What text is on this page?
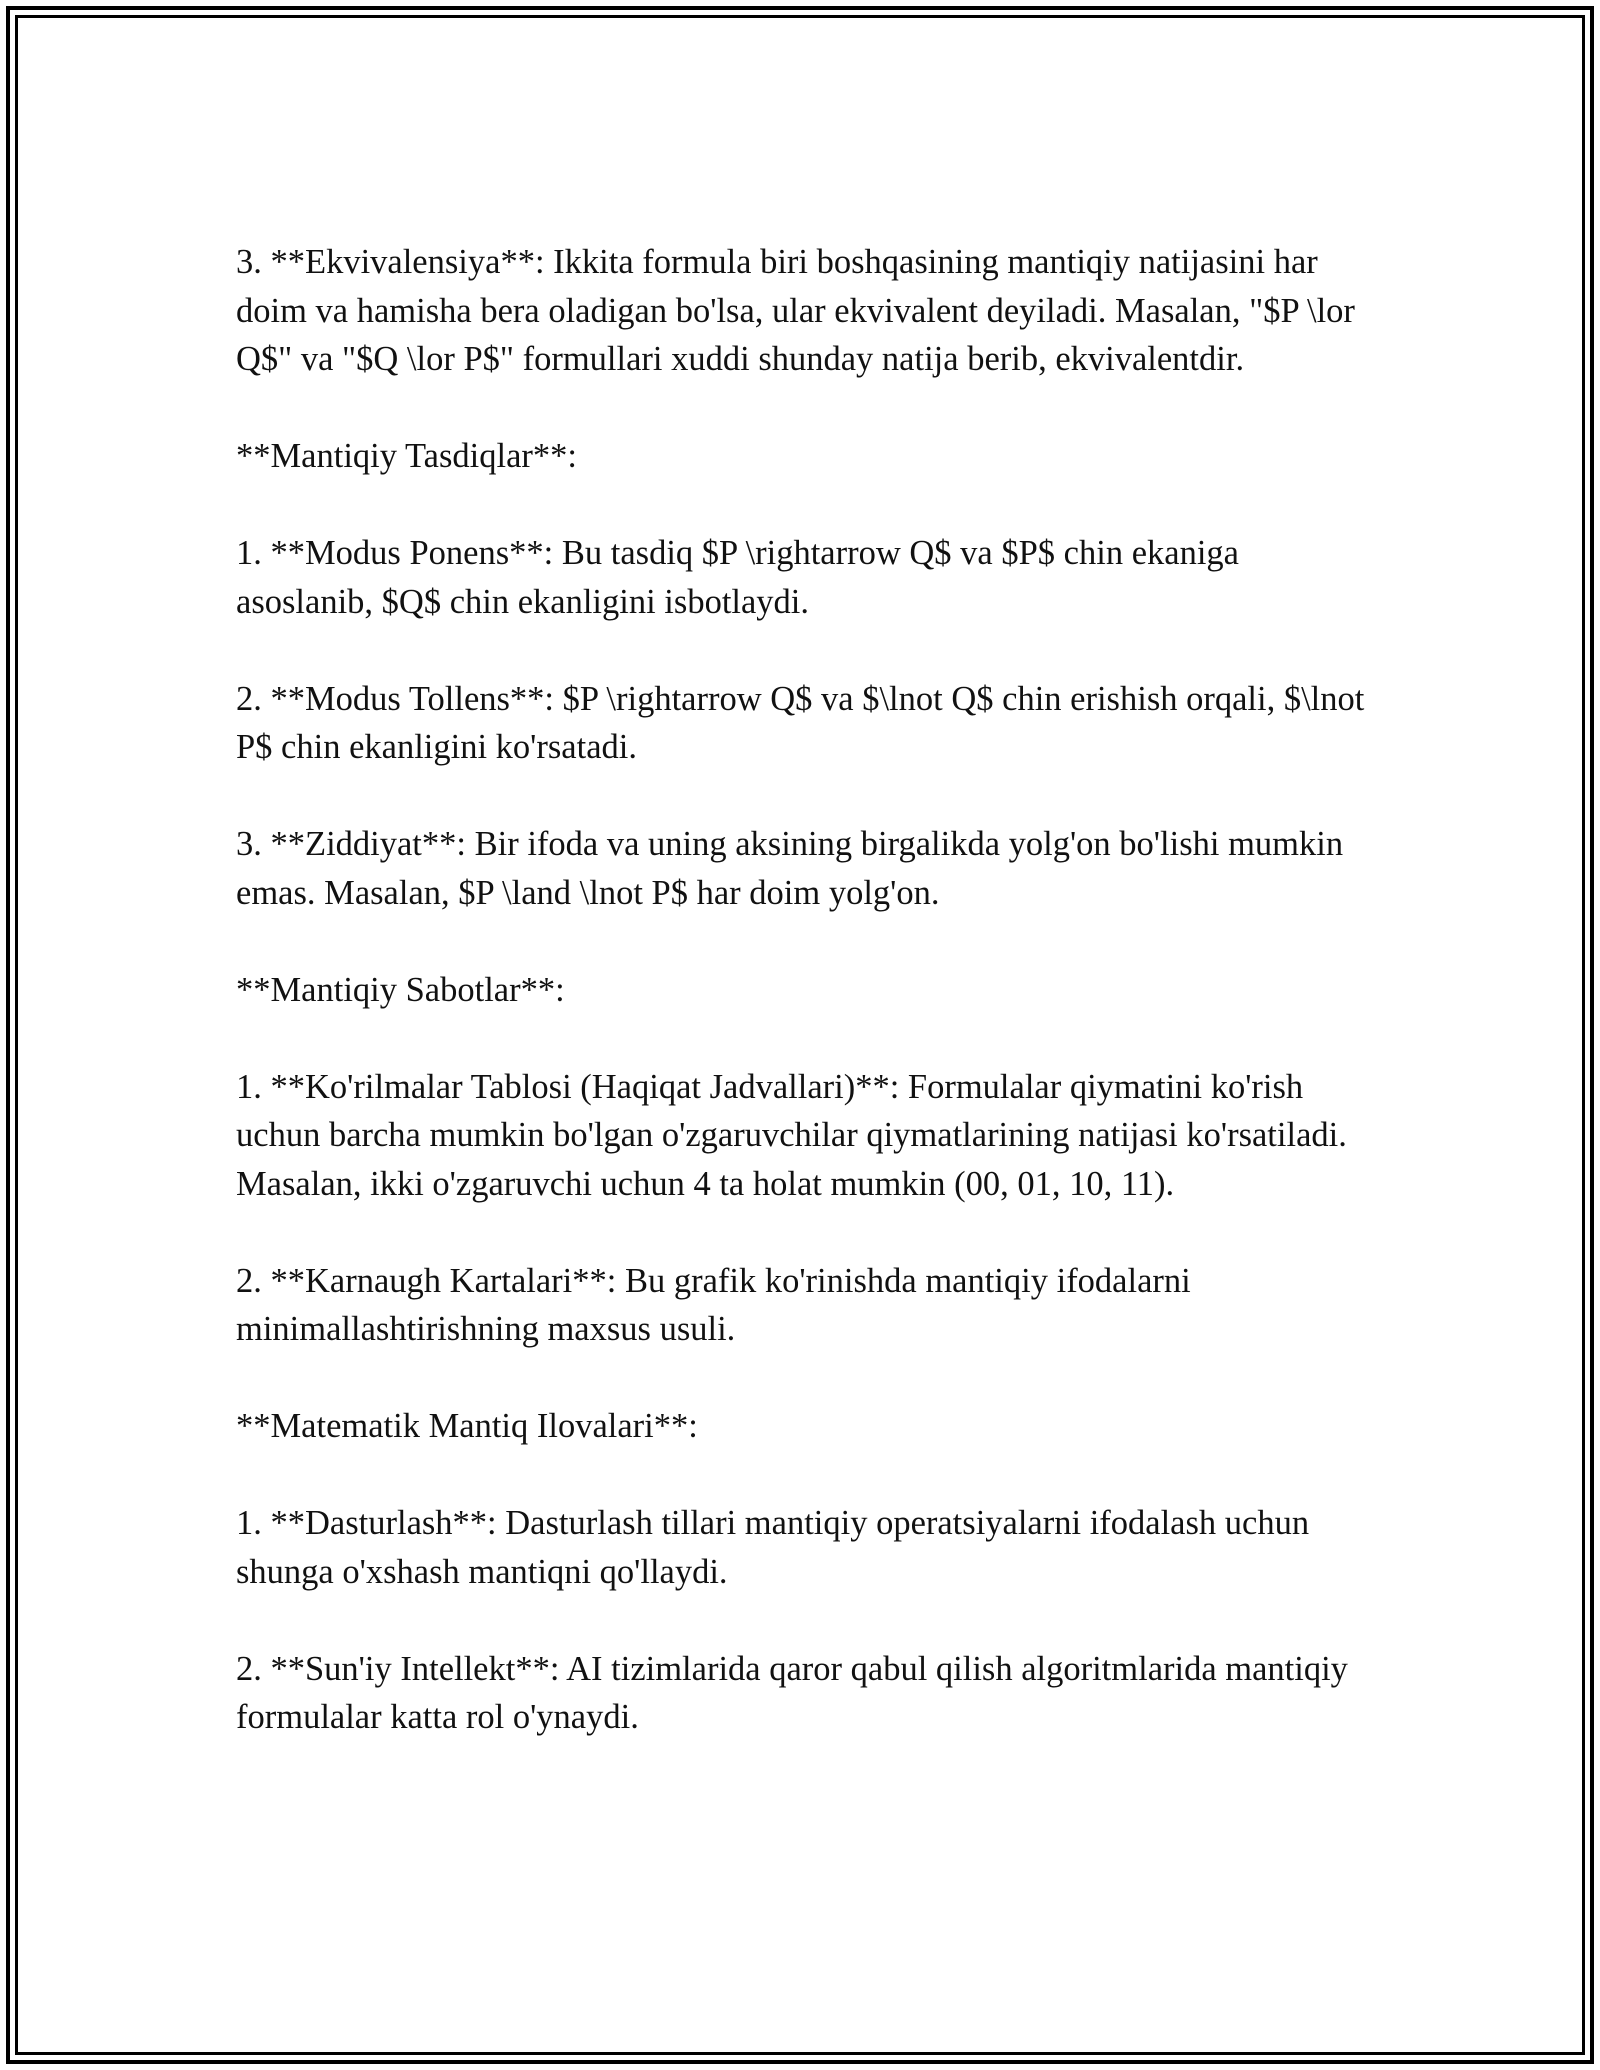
3. **Ekvivalensiya**: Ikkita formula biri boshqasining mantiqiy natijasini har doim va hamisha bera oladigan bo'lsa, ular ekvivalent deyiladi. Masalan, "$P \lor Q$" va "$Q \lor P$" formullari xuddi shunday natija berib, ekvivalentdir.

**Mantiqiy Tasdiqlar**:

1. **Modus Ponens**: Bu tasdiq $P \rightarrow Q$ va $P$ chin ekaniga asoslanib, $Q$ chin ekanligini isbotlaydi.

2. **Modus Tollens**: $P \rightarrow Q$ va $\lnot Q$ chin erishish orqali, $\lnot P$ chin ekanligini ko'rsatadi.

3. **Ziddiyat**: Bir ifoda va uning aksining birgalikda yolg'on bo'lishi mumkin emas. Masalan, $P \land \lnot P$ har doim yolg'on.

**Mantiqiy Sabotlar**:

1. **Ko'rilmalar Tablosi (Haqiqat Jadvallari)**: Formulalar qiymatini ko'rish uchun barcha mumkin bo'lgan o'zgaruvchilar qiymatlarining natijasi ko'rsatiladi. Masalan, ikki o'zgaruvchi uchun 4 ta holat mumkin (00, 01, 10, 11).

2. **Karnaugh Kartalari**: Bu grafik ko'rinishda mantiqiy ifodalarni minimallashtirishning maxsus usuli.

**Matematik Mantiq Ilovalari**:

1. **Dasturlash**: Dasturlash tillari mantiqiy operatsiyalarni ifodalash uchun shunga o'xshash mantiqni qo'llaydi.

2. **Sun'iy Intellekt**: AI tizimlarida qaror qabul qilish algoritmlarida mantiqiy formulalar katta rol o'ynaydi.
